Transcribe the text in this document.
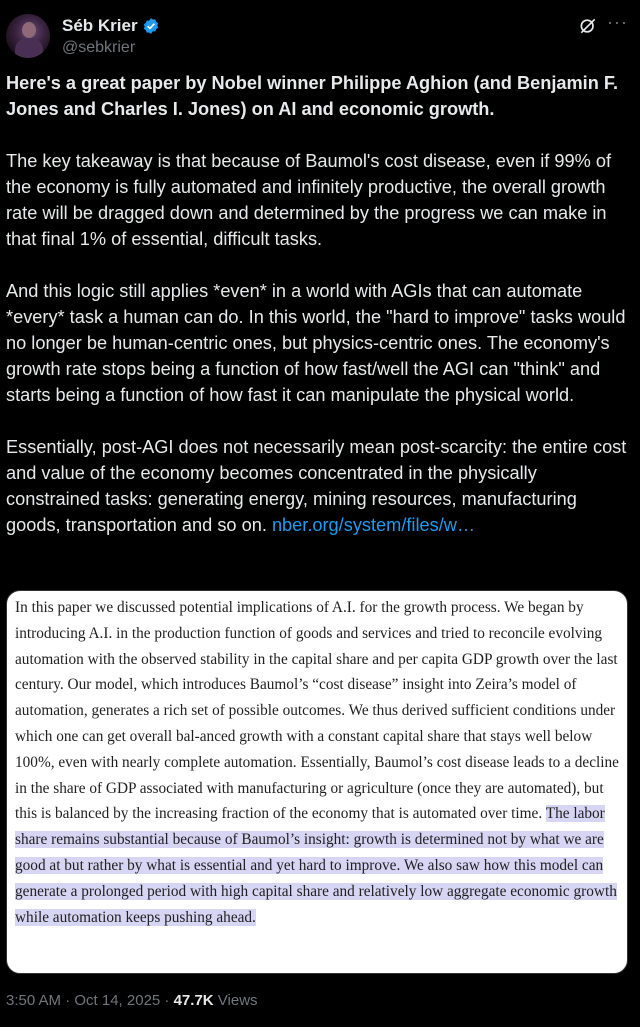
Séb Krier
@sebkrier
···

Here's a great paper by Nobel winner Philippe Aghion (and Benjamin F. Jones and Charles I. Jones) on AI and economic growth.

The key takeaway is that because of Baumol's cost disease, even if 99% of the economy is fully automated and infinitely productive, the overall growth rate will be dragged down and determined by the progress we can make in that final 1% of essential, difficult tasks.

And this logic still applies *even* in a world with AGIs that can automate *every* task a human can do. In this world, the "hard to improve" tasks would no longer be human-centric ones, but physics-centric ones. The economy's growth rate stops being a function of how fast/well the AGI can "think" and starts being a function of how fast it can manipulate the physical world.

Essentially, post-AGI does not necessarily mean post-scarcity: the entire cost and value of the economy becomes concentrated in the physically constrained tasks: generating energy, mining resources, manufacturing goods, transportation and so on. nber.org/system/files/w…

In this paper we discussed potential implications of A.I. for the growth process. We began by introducing A.I. in the production function of goods and services and tried to reconcile evolving automation with the observed stability in the capital share and per capita GDP growth over the last century. Our model, which introduces Baumol’s “cost disease” insight into Zeira’s model of automation, generates a rich set of possible outcomes. We thus derived sufficient conditions under which one can get overall bal-anced growth with a constant capital share that stays well below 100%, even with nearly complete automation. Essentially, Baumol’s cost disease leads to a decline in the share of GDP associated with manufacturing or agriculture (once they are automated), but this is balanced by the increasing fraction of the economy that is automated over time. The labor share remains substantial because of Baumol’s insight: growth is determined not by what we are good at but rather by what is essential and yet hard to improve. We also saw how this model can generate a prolonged period with high capital share and relatively low aggregate economic growth while automation keeps pushing ahead.
3:50 AM · Oct 14, 2025 · 47.7K Views
